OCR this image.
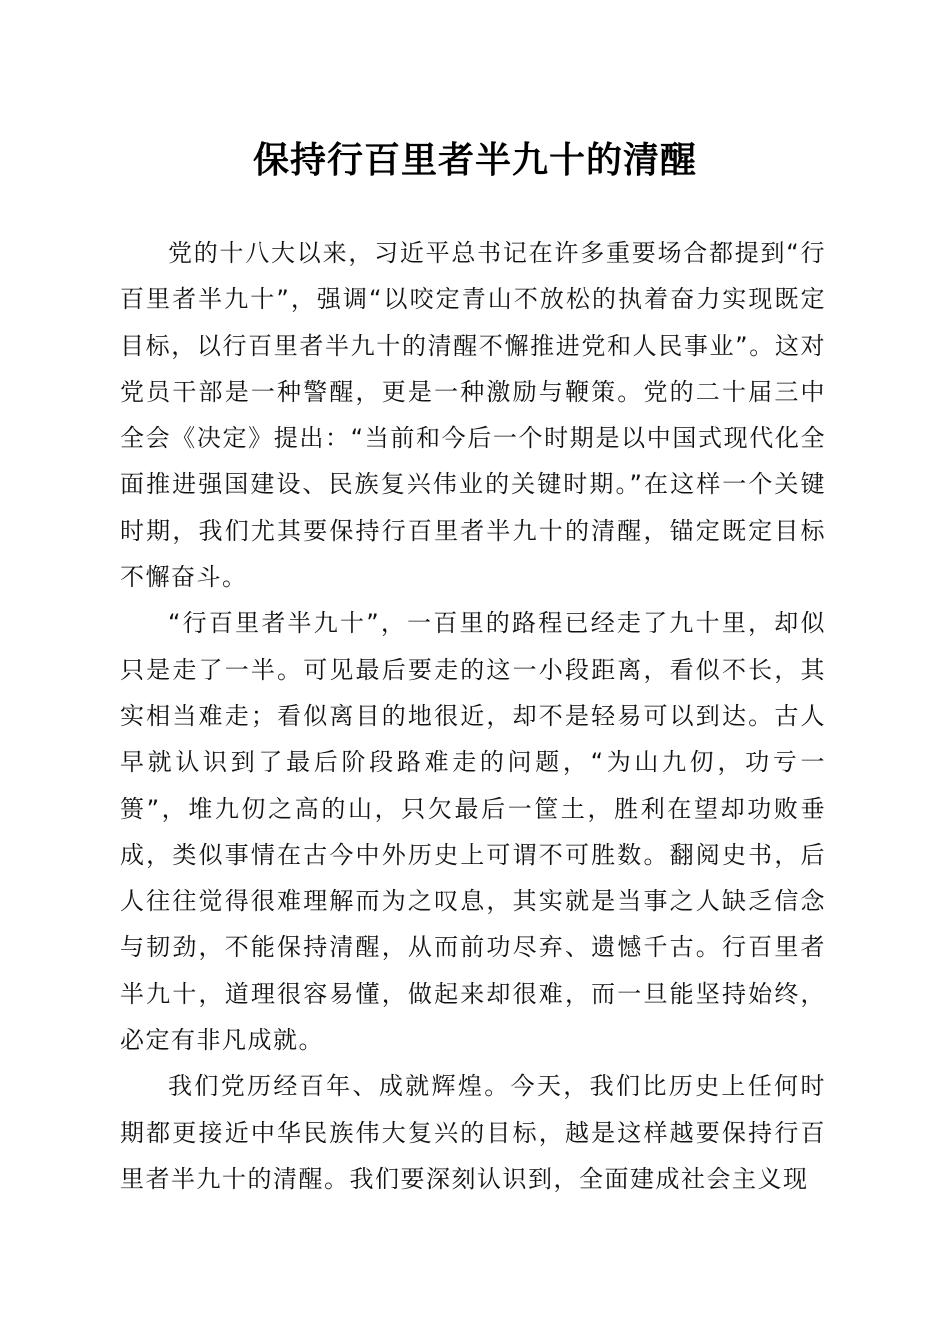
保持行百里者半九十的清醒

党的十八大以来，习近平总书记在许多重要场合都提到“行百里者半九十”，强调“以咬定青山不放松的执着奋力实现既定目标，以行百里者半九十的清醒不懈推进党和人民事业”。这对党员干部是一种警醒，更是一种激励与鞭策。党的二十届三中全会《决定》提出：“当前和今后一个时期是以中国式现代化全面推进强国建设、民族复兴伟业的关键时期。”在这样一个关键时期，我们尤其要保持行百里者半九十的清醒，锚定既定目标不懈奋斗。

“行百里者半九十”，一百里的路程已经走了九十里，却似只是走了一半。可见最后要走的这一小段距离，看似不长，其实相当难走；看似离目的地很近，却不是轻易可以到达。古人早就认识到了最后阶段路难走的问题，“为山九仞，功亏一篑”，堆九仞之高的山，只欠最后一筐土，胜利在望却功败垂成，类似事情在古今中外历史上可谓不可胜数。翻阅史书，后人往往觉得很难理解而为之叹息，其实就是当事之人缺乏信念与韧劲，不能保持清醒，从而前功尽弃、遗憾千古。行百里者半九十，道理很容易懂，做起来却很难，而一旦能坚持始终，必定有非凡成就。

我们党历经百年、成就辉煌。今天，我们比历史上任何时期都更接近中华民族伟大复兴的目标，越是这样越要保持行百里者半九十的清醒。我们要深刻认识到，全面建成社会主义现
